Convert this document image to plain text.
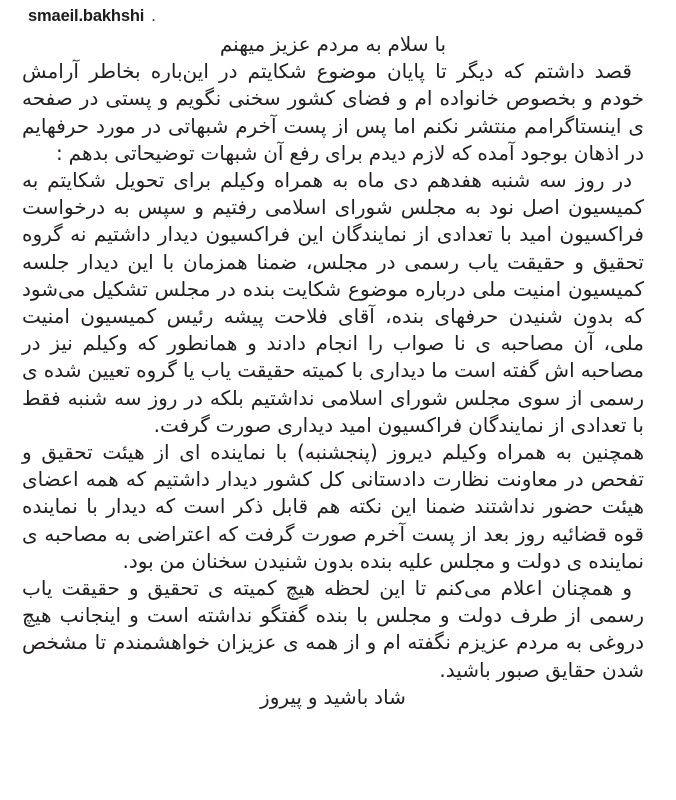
smaeil.bakhshi .

با سلام به مردم عزیز میهنم

قصد داشتم که دیگر تا پایان موضوع شکایتم در این‌باره بخاطر آرامش خودم و بخصوص خانواده ام و فضای کشور سخنی نگویم و پستی در صفحه ی اینستاگرامم منتشر نکنم اما پس از پست آخرم شبهاتی در مورد حرفهایم در اذهان بوجود آمده که لازم دیدم برای رفع آن شبهات توضیحاتی بدهم :

در روز سه شنبه هفدهم دی ماه به همراه وکیلم برای تحویل شکایتم به کمیسیون اصل نود به مجلس شورای اسلامی رفتیم و سپس به درخواست فراکسیون امید با تعدادی از نمایندگان این فراکسیون دیدار داشتیم نه گروه تحقیق و حقیقت یاب رسمی در مجلس، ضمنا همزمان با این دیدار جلسه کمیسیون امنیت ملی درباره موضوع شکایت بنده در مجلس تشکیل می‌شود که بدون شنیدن حرفهای بنده، آقای فلاحت پیشه رئیس کمیسیون امنیت ملی، آن مصاحبه ی نا صواب را انجام دادند و همانطور که وکیلم نیز در مصاحبه اش گفته است ما دیداری با کمیته حقیقت یاب یا گروه تعیین شده ی رسمی از سوی مجلس شورای اسلامی نداشتیم بلکه در روز سه شنبه فقط با تعدادی از نمایندگان فراکسیون امید دیداری صورت گرفت.

همچنین به همراه وکیلم دیروز (پنجشنبه) با نماینده ای از هیئت تحقیق و تفحص در معاونت نظارت دادستانی کل کشور دیدار داشتیم که همه اعضای هیئت حضور نداشتند ضمنا این نکته هم قابل ذکر است که دیدار با نماینده قوه قضائیه روز بعد از پست آخرم صورت گرفت که اعتراضی به مصاحبه ی نماینده ی دولت و مجلس علیه بنده بدون شنیدن سخنان من بود.

و همچنان اعلام می‌کنم تا این لحظه هیچ کمیته ی تحقیق و حقیقت یاب رسمی از طرف دولت و مجلس با بنده گفتگو نداشته است و اینجانب هیچ دروغی به مردم عزیزم نگفته ام و از همه ی عزیزان خواهشمندم تا مشخص شدن حقایق صبور باشید.

شاد باشید و پیروز
